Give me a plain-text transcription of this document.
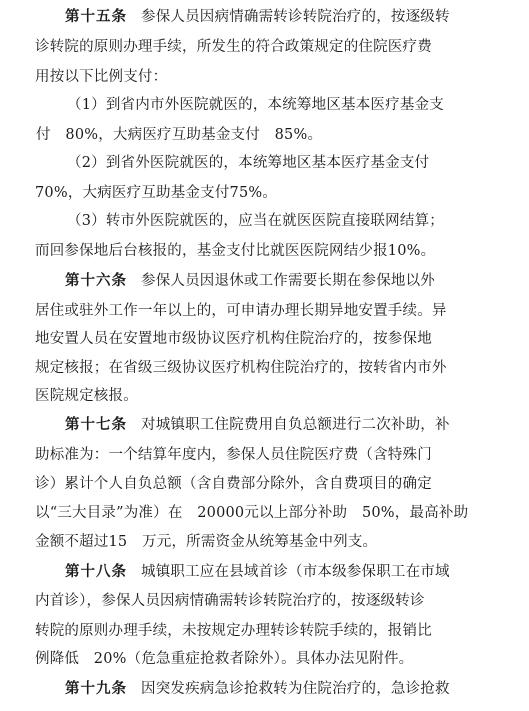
第十五条 参保人员因病情确需转诊转院治疗的，按逐级转
诊转院的原则办理手续，所发生的符合政策规定的住院医疗费
用按以下比例支付：
（1）到省内市外医院就医的，本统筹地区基本医疗基金支
付　80%，大病医疗互助基金支付　85%。
（2）到省外医院就医的，本统筹地区基本医疗基金支付
70%，大病医疗互助基金支付75%。
（3）转市外医院就医的，应当在就医医院直接联网结算；
而回参保地后台核报的，基金支付比就医医院网结少报10%。
第十六条 参保人员因退休或工作需要长期在参保地以外
居住或驻外工作一年以上的，可申请办理长期异地安置手续。异
地安置人员在安置地市级协议医疗机构住院治疗的，按参保地
规定核报；在省级三级协议医疗机构住院治疗的，按转省内市外
医院规定核报。
第十七条 对城镇职工住院费用自负总额进行二次补助，补
助标准为：一个结算年度内，参保人员住院医疗费（含特殊门
诊）累计个人自负总额（含自费部分除外，含自费项目的确定
以“三大目录”为准）在　20000元以上部分补助　50%，最高补助
金额不超过15　万元，所需资金从统筹基金中列支。
第十八条 城镇职工应在县域首诊（市本级参保职工在市域
内首诊），参保人员因病情确需转诊转院治疗的，按逐级转诊
转院的原则办理手续，未按规定办理转诊转院手续的，报销比
例降低　20%（危急重症抢救者除外）。具体办法见附件。
第十九条 因突发疾病急诊抢救转为住院治疗的，急诊抢救
